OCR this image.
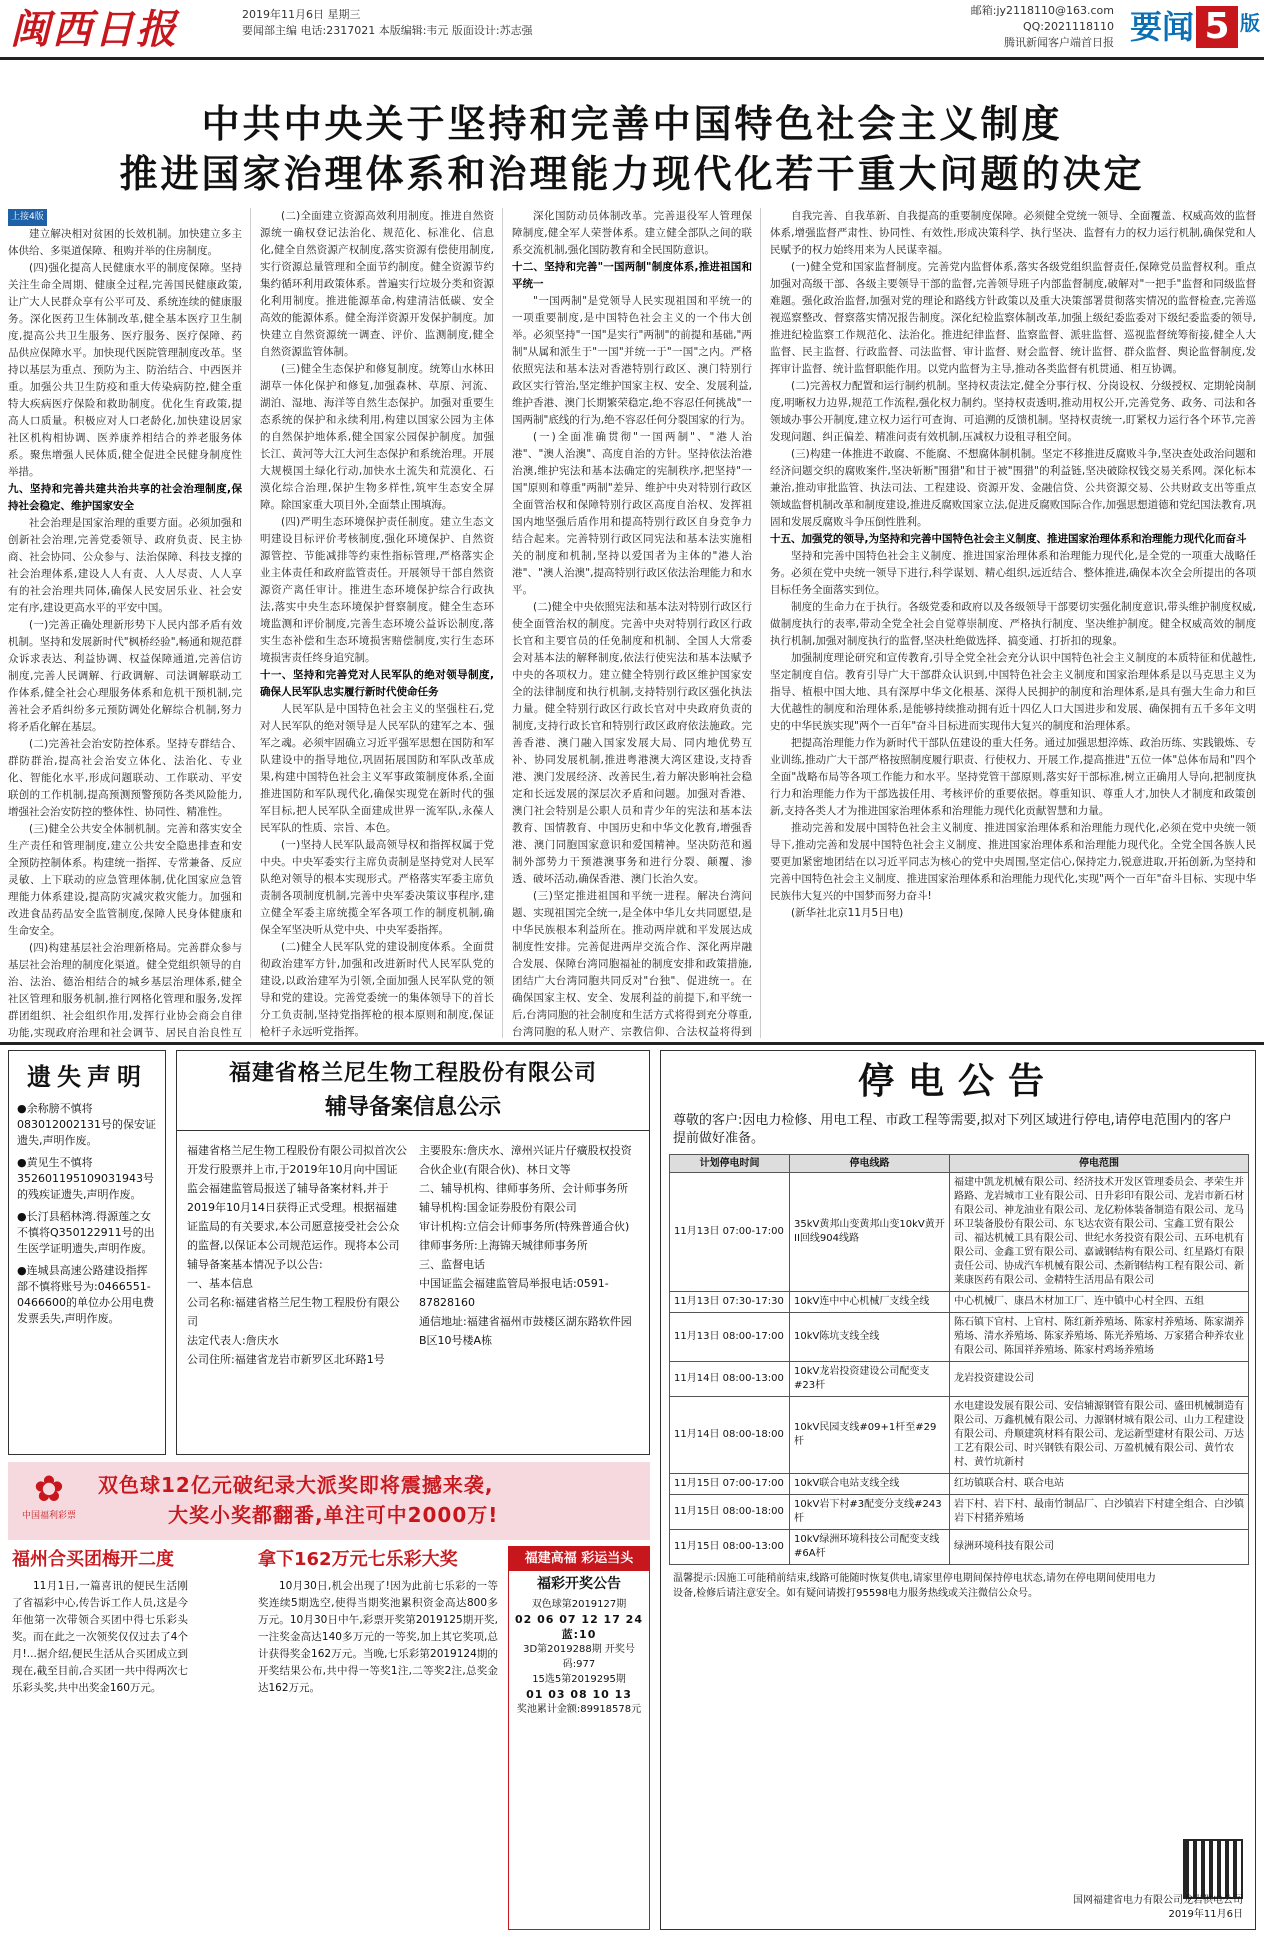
闽西日报	2019年11月6日 星期三
要闻部主编 电话:2317021 本版编辑:韦元 版面设计:苏志强
邮箱:jy2118110@163.com
QQ:2021118110
腾讯新闻客户端首日报 要闻 5 版
中共中央关于坚持和完善中国特色社会主义制度
推进国家治理体系和治理能力现代化若干重大问题的决定
上接4版

建立解决相对贫困的长效机制。加快建立多主体供给、多渠道保障、租购并举的住房制度。

(四)强化提高人民健康水平的制度保障。坚持关注生命全周期、健康全过程,完善国民健康政策,让广大人民群众享有公平可及、系统连续的健康服务。深化医药卫生体制改革,健全基本医疗卫生制度,提高公共卫生服务、医疗服务、医疗保障、药品供应保障水平。加快现代医院管理制度改革。坚持以基层为重点、预防为主、防治结合、中西医并重。加强公共卫生防疫和重大传染病防控,健全重特大疾病医疗保险和救助制度。优化生育政策,提高人口质量。积极应对人口老龄化,加快建设居家社区机构相协调、医养康养相结合的养老服务体系。聚焦增强人民体质,健全促进全民健身制度性举措。

九、坚持和完善共建共治共享的社会治理制度,保持社会稳定、维护国家安全

社会治理是国家治理的重要方面。必须加强和创新社会治理,完善党委领导、政府负责、民主协商、社会协同、公众参与、法治保障、科技支撑的社会治理体系,建设人人有责、人人尽责、人人享有的社会治理共同体,确保人民安居乐业、社会安定有序,建设更高水平的平安中国。

(一)完善正确处理新形势下人民内部矛盾有效机制。坚持和发展新时代"枫桥经验",畅通和规范群众诉求表达、利益协调、权益保障通道,完善信访制度,完善人民调解、行政调解、司法调解联动工作体系,健全社会心理服务体系和危机干预机制,完善社会矛盾纠纷多元预防调处化解综合机制,努力将矛盾化解在基层。

(二)完善社会治安防控体系。坚持专群结合、群防群治,提高社会治安立体化、法治化、专业化、智能化水平,形成问题联动、工作联动、平安联创的工作机制,提高预测预警预防各类风险能力,增强社会治安防控的整体性、协同性、精准性。

(三)健全公共安全体制机制。完善和落实安全生产责任和管理制度,建立公共安全隐患排查和安全预防控制体系。构建统一指挥、专常兼备、反应灵敏、上下联动的应急管理体制,优化国家应急管理能力体系建设,提高防灾减灾救灾能力。加强和改进食品药品安全监管制度,保障人民身体健康和生命安全。

(四)构建基层社会治理新格局。完善群众参与基层社会治理的制度化渠道。健全党组织领导的自治、法治、德治相结合的城乡基层治理体系,健全社区管理和服务机制,推行网格化管理和服务,发挥群团组织、社会组织作用,发挥行业协会商会自律功能,实现政府治理和社会调节、居民自治良性互

(二)全面建立资源高效利用制度。推进自然资源统一确权登记法治化、规范化、标准化、信息化,健全自然资源产权制度,落实资源有偿使用制度,实行资源总量管理和全面节约制度。健全资源节约集约循环利用政策体系。普遍实行垃圾分类和资源化利用制度。推进能源革命,构建清洁低碳、安全高效的能源体系。健全海洋资源开发保护制度。加快建立自然资源统一调查、评价、监测制度,健全自然资源监管体制。

(三)健全生态保护和修复制度。统筹山水林田湖草一体化保护和修复,加强森林、草原、河流、湖泊、湿地、海洋等自然生态保护。加强对重要生态系统的保护和永续利用,构建以国家公园为主体的自然保护地体系,健全国家公园保护制度。加强长江、黄河等大江大河生态保护和系统治理。开展大规模国土绿化行动,加快水土流失和荒漠化、石漠化综合治理,保护生物多样性,筑牢生态安全屏障。除国家重大项目外,全面禁止围填海。

(四)严明生态环境保护责任制度。建立生态文明建设目标评价考核制度,强化环境保护、自然资源管控、节能减排等约束性指标管理,严格落实企业主体责任和政府监管责任。开展领导干部自然资源资产离任审计。推进生态环境保护综合行政执法,落实中央生态环境保护督察制度。健全生态环境监测和评价制度,完善生态环境公益诉讼制度,落实生态补偿和生态环境损害赔偿制度,实行生态环境损害责任终身追究制。

十一、坚持和完善党对人民军队的绝对领导制度,确保人民军队忠实履行新时代使命任务

人民军队是中国特色社会主义的坚强柱石,党对人民军队的绝对领导是人民军队的建军之本、强军之魂。必须牢固确立习近平强军思想在国防和军队建设中的指导地位,巩固拓展国防和军队改革成果,构建中国特色社会主义军事政策制度体系,全面推进国防和军队现代化,确保实现党在新时代的强军目标,把人民军队全面建成世界一流军队,永葆人民军队的性质、宗旨、本色。

(一)坚持人民军队最高领导权和指挥权属于党中央。中央军委实行主席负责制是坚持党对人民军队绝对领导的根本实现形式。严格落实军委主席负责制各项制度机制,完善中央军委决策议事程序,建立健全军委主席统揽全军各项工作的制度机制,确保全军坚决听从党中央、中央军委指挥。

(二)健全人民军队党的建设制度体系。全面贯彻政治建军方针,加强和改进新时代人民军队党的建设,以政治建军为引领,全面加强人民军队党的领导和党的建设。完善党委统一的集体领导下的首长分工负责制,坚持党指挥枪的根本原则和制度,保证枪杆子永远听党指挥。

深化国防动员体制改革。完善退役军人管理保障制度,健全军人荣誉体系。建立健全部队之间的联系交流机制,强化国防教育和全民国防意识。

十二、坚持和完善"一国两制"制度体系,推进祖国和平统一

"一国两制"是党领导人民实现祖国和平统一的一项重要制度,是中国特色社会主义的一个伟大创举。必须坚持"一国"是实行"两制"的前提和基础,"两制"从属和派生于"一国"并统一于"一国"之内。严格依照宪法和基本法对香港特别行政区、澳门特别行政区实行管治,坚定维护国家主权、安全、发展利益,维护香港、澳门长期繁荣稳定,绝不容忍任何挑战"一国两制"底线的行为,绝不容忍任何分裂国家的行为。

(一)全面准确贯彻"一国两制"、"港人治港"、"澳人治澳"、高度自治的方针。坚持依法治港治澳,维护宪法和基本法确定的宪制秩序,把坚持"一国"原则和尊重"两制"差异、维护中央对特别行政区全面管治权和保障特别行政区高度自治权、发挥祖国内地坚强后盾作用和提高特别行政区自身竞争力结合起来。完善特别行政区同宪法和基本法实施相关的制度和机制,坚持以爱国者为主体的"港人治港"、"澳人治澳",提高特别行政区依法治理能力和水平。

(二)健全中央依照宪法和基本法对特别行政区行使全面管治权的制度。完善中央对特别行政区行政长官和主要官员的任免制度和机制、全国人大常委会对基本法的解释制度,依法行使宪法和基本法赋予中央的各项权力。建立健全特别行政区维护国家安全的法律制度和执行机制,支持特别行政区强化执法力量。健全特别行政区行政长官对中央政府负责的制度,支持行政长官和特别行政区政府依法施政。完善香港、澳门融入国家发展大局、同内地优势互补、协同发展机制,推进粤港澳大湾区建设,支持香港、澳门发展经济、改善民生,着力解决影响社会稳定和长远发展的深层次矛盾和问题。加强对香港、澳门社会特别是公职人员和青少年的宪法和基本法教育、国情教育、中国历史和中华文化教育,增强香港、澳门同胞国家意识和爱国精神。坚决防范和遏制外部势力干预港澳事务和进行分裂、颠覆、渗透、破坏活动,确保香港、澳门长治久安。

(三)坚定推进祖国和平统一进程。解决台湾问题、实现祖国完全统一,是全体中华儿女共同愿望,是中华民族根本利益所在。推动两岸就和平发展达成制度性安排。完善促进两岸交流合作、深化两岸融合发展、保障台湾同胞福祉的制度安排和政策措施,团结广大台湾同胞共同反对"台独"、促进统一。在确保国家主权、安全、发展利益的前提下,和平统一后,台湾同胞的社会制度和生活方式将得到充分尊重,台湾同胞的私人财产、宗教信仰、合法权益将得到

自我完善、自我革新、自我提高的重要制度保障。必须健全党统一领导、全面覆盖、权威高效的监督体系,增强监督严肃性、协同性、有效性,形成决策科学、执行坚决、监督有力的权力运行机制,确保党和人民赋予的权力始终用来为人民谋幸福。

(一)健全党和国家监督制度。完善党内监督体系,落实各级党组织监督责任,保障党员监督权利。重点加强对高级干部、各级主要领导干部的监督,完善领导班子内部监督制度,破解对"一把手"监督和同级监督难题。强化政治监督,加强对党的理论和路线方针政策以及重大决策部署贯彻落实情况的监督检查,完善巡视巡察整改、督察落实情况报告制度。深化纪检监察体制改革,加强上级纪委监委对下级纪委监委的领导,推进纪检监察工作规范化、法治化。推进纪律监督、监察监督、派驻监督、巡视监督统筹衔接,健全人大监督、民主监督、行政监督、司法监督、审计监督、财会监督、统计监督、群众监督、舆论监督制度,发挥审计监督、统计监督职能作用。以党内监督为主导,推动各类监督有机贯通、相互协调。

(二)完善权力配置和运行制约机制。坚持权责法定,健全分事行权、分岗设权、分级授权、定期轮岗制度,明晰权力边界,规范工作流程,强化权力制约。坚持权责透明,推动用权公开,完善党务、政务、司法和各领域办事公开制度,建立权力运行可查询、可追溯的反馈机制。坚持权责统一,盯紧权力运行各个环节,完善发现问题、纠正偏差、精准问责有效机制,压减权力设租寻租空间。

(三)构建一体推进不敢腐、不能腐、不想腐体制机制。坚定不移推进反腐败斗争,坚决查处政治问题和经济问题交织的腐败案件,坚决斩断"围猎"和甘于被"围猎"的利益链,坚决破除权钱交易关系网。深化标本兼治,推动审批监管、执法司法、工程建设、资源开发、金融信贷、公共资源交易、公共财政支出等重点领域监督机制改革和制度建设,推进反腐败国家立法,促进反腐败国际合作,加强思想道德和党纪国法教育,巩固和发展反腐败斗争压倒性胜利。

十五、加强党的领导,为坚持和完善中国特色社会主义制度、推进国家治理体系和治理能力现代化而奋斗

坚持和完善中国特色社会主义制度、推进国家治理体系和治理能力现代化,是全党的一项重大战略任务。必须在党中央统一领导下进行,科学谋划、精心组织,远近结合、整体推进,确保本次全会所提出的各项目标任务全面落实到位。

制度的生命力在于执行。各级党委和政府以及各级领导干部要切实强化制度意识,带头维护制度权威,做制度执行的表率,带动全党全社会自觉尊崇制度、严格执行制度、坚决维护制度。健全权威高效的制度执行机制,加强对制度执行的监督,坚决杜绝做选择、搞变通、打折扣的现象。

加强制度理论研究和宣传教育,引导全党全社会充分认识中国特色社会主义制度的本质特征和优越性,坚定制度自信。教育引导广大干部群众认识到,中国特色社会主义制度和国家治理体系是以马克思主义为指导、植根中国大地、具有深厚中华文化根基、深得人民拥护的制度和治理体系,是具有强大生命力和巨大优越性的制度和治理体系,是能够持续推动拥有近十四亿人口大国进步和发展、确保拥有五千多年文明史的中华民族实现"两个一百年"奋斗目标进而实现伟大复兴的制度和治理体系。

把提高治理能力作为新时代干部队伍建设的重大任务。通过加强思想淬炼、政治历练、实践锻炼、专业训练,推动广大干部严格按照制度履行职责、行使权力、开展工作,提高推进"五位一体"总体布局和"四个全面"战略布局等各项工作能力和水平。坚持党管干部原则,落实好干部标准,树立正确用人导向,把制度执行力和治理能力作为干部选拔任用、考核评价的重要依据。尊重知识、尊重人才,加快人才制度和政策创新,支持各类人才为推进国家治理体系和治理能力现代化贡献智慧和力量。

推动完善和发展中国特色社会主义制度、推进国家治理体系和治理能力现代化,必须在党中央统一领导下,推动完善和发展中国特色社会主义制度、推进国家治理体系和治理能力现代化。全党全国各族人民要更加紧密地团结在以习近平同志为核心的党中央周围,坚定信心,保持定力,锐意进取,开拓创新,为坚持和完善中国特色社会主义制度、推进国家治理体系和治理能力现代化,实现"两个一百年"奋斗目标、实现中华民族伟大复兴的中国梦而努力奋斗!

(新华社北京11月5日电)

遗失声明

●余称膀不慎将083012002131号的保安证遗失,声明作废。

●黄见生不慎将352601195109031943号的残疾证遗失,声明作废。

●长汀县稻林湾.得源莲之女不慎将Q350122911号的出生医学证明遗失,声明作废。

●连城县高速公路建设指挥部不慎将账号为:0466551-0466600的单位办公用电费发票丢失,声明作废。

福建省格兰尼生物工程股份有限公司
辅导备案信息公示
福建省格兰尼生物工程股份有限公司拟首次公开发行股票并上市,于2019年10月向中国证监会福建监管局报送了辅导备案材料,并于2019年10月14日获得正式受理。根据福建证监局的有关要求,本公司愿意接受社会公众的监督,以保证本公司规范运作。现将本公司辅导备案基本情况予以公告:
一、基本信息
公司名称:福建省格兰尼生物工程股份有限公司
法定代表人:詹庆水
公司住所:福建省龙岩市新罗区北环路1号
主要股东:詹庆水、漳州兴证片仔癀股权投资合伙企业(有限合伙)、林日文等
二、辅导机构、律师事务所、会计师事务所
辅导机构:国金证券股份有限公司
审计机构:立信会计师事务所(特殊普通合伙)
律师事务所:上海锦天城律师事务所
三、监督电话
中国证监会福建监管局举报电话:0591-87828160
通信地址:福建省福州市鼓楼区湖东路软件园B区10号楼A栋
停电公告
尊敬的客户:因电力检修、用电工程、市政工程等需要,拟对下列区域进行停电,请停电范围内的客户提前做好准备。
计划停电时间	停电线路	停电范围
11月13日 07:00-17:00	35kV黄邦山变黄邦山变10kV黄开II回线904线路	福建中凯龙机械有限公司、经济技术开发区管理委员会、孝荣生并路路、龙岩城市工业有限公司、日升彩印有限公司、龙岩市新石材有限公司、神龙油业有限公司、龙亿粉体装备制造有限公司、龙马环卫装备股份有限公司、东飞达农资有限公司、宝鑫工贸有限公司、福达机械工具有限公司、世纪水务投资有限公司、五环电机有限公司、金鑫工贸有限公司、嘉诚钢结构有限公司、红星路灯有限责任公司、协成汽车机械有限公司、杰新钢结构工程有限公司、新莱康医药有限公司、金精特生活用品有限公司
11月13日 07:30-17:30	10kV连中中心机械厂支线全线	中心机械厂、康昌木材加工厂、连中镇中心村全四、五组
11月13日 08:00-17:00	10kV陈坑支线全线	陈石镇下官村、上官村、陈红新养殖场、陈家村养殖场、陈家湖养殖场、清水养殖场、陈家养殖场、陈光养殖场、万家猪合种养农业有限公司、陈国祥养殖场、陈家村鸡场养殖场
11月14日 08:00-13:00	10kV龙岩投资建设公司配变支#23杆	龙岩投资建设公司
11月14日 08:00-18:00	10kV民园支线#09+1杆至#29杆	水电建设发展有限公司、安信辅源钢管有限公司、盛田机械制造有限公司、万鑫机械有限公司、力源钢材城有限公司、山力工程建设有限公司、舟顺建筑材料有限公司、龙运新型建材有限公司、万达工艺有限公司、时兴钢铁有限公司、万盈机械有限公司、黄竹农村、黄竹坑新村
11月15日 07:00-17:00	10kV联合电站支线全线	红坊镇联合村、联合电站
11月15日 08:00-18:00	10kV岩下村#3配变分支线#243杆	岩下村、岩下村、最南竹制品厂、白沙镇岩下村建全组合、白沙镇岩下村猪养殖场
11月15日 08:00-13:00	10kV绿洲环境科技公司配变支线#6A杆	绿洲环境科技有限公司
温馨提示:因施工可能稍前结束,线路可能随时恢复供电,请家里停电期间保持停电状态,请勿在停电期间使用电力设备,检修后请注意安全。如有疑问请拨打95598电力服务热线或关注微信公众号。
国网福建省电力有限公司龙岩供电公司
2019年11月6日
✿
中国福利彩票
双色球12亿元破纪录大派奖即将震撼来袭,
大奖小奖都翻番,单注可中2000万!
福州合买团梅开二度	拿下162万元七乐彩大奖
11月1日,一篇喜讯的便民生活刚了省福彩中心,传告诉工作人员,这是今年他第一次带领合买团中得七乐彩头奖。而在此之一次领奖仅仅过去了4个月!...据介绍,便民生活从合买团成立到现在,截至目前,合买团一共中得两次七乐彩头奖,共中出奖金160万元。
10月30日,机会出现了!因为此前七乐彩的一等奖连续5期选空,使得当期奖池累积资金高达800多万元。10月30日中午,彩票开奖第2019125期开奖,一注奖金高达140多万元的一等奖,加上其它奖项,总计获得奖金162万元。当晚,七乐彩第2019124期的开奖结果公布,共中得一等奖1注,二等奖2注,总奖金达162万元。
福建高福 彩运当头
福彩开奖公告

双色球第2019127期

02 06 07 12 17 24 蓝:10

3D第2019288期 开奖号码:977

15选5第2019295期

01 03 08 10 13

奖池累计金额:89918578元
